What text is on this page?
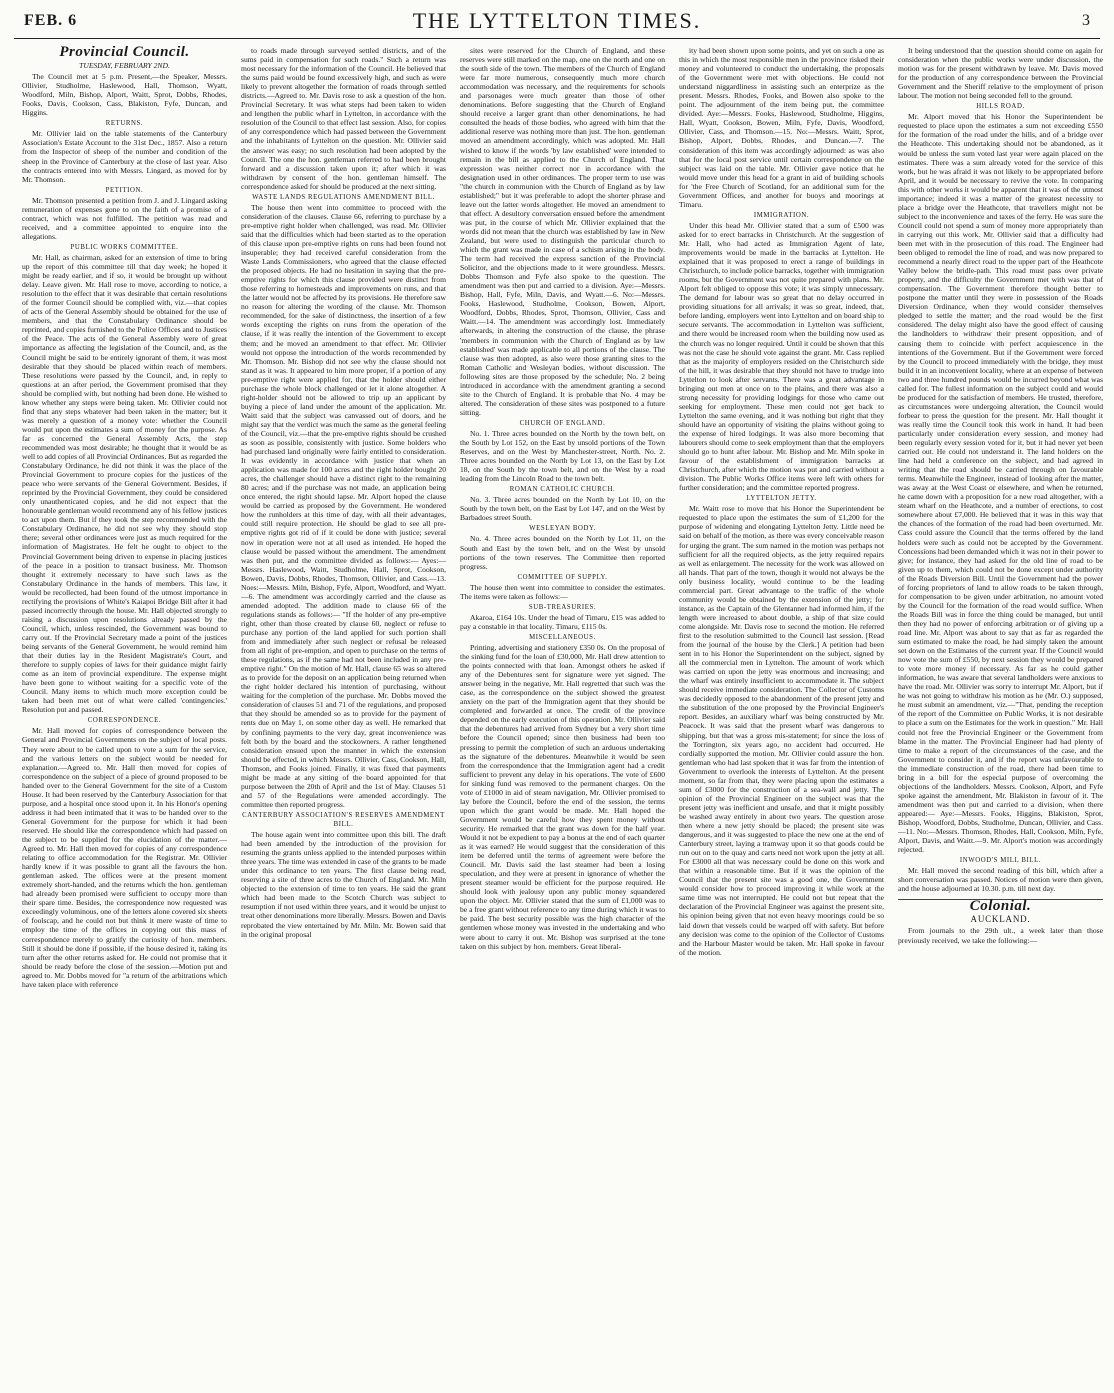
FEB. 6	THE LYTTELTON TIMES.	3
Provincial Council.
TUESDAY, FEBRUARY 2ND.

The Council met at 5 p.m. Present,—the Speaker, Messrs. Ollivier, Studholme, Haslewood, Hall, Thomson, Wyatt, Woodford, Miln, Bishop, Alport, Waitt, Sprot, Dobbs, Rhodes, Fooks, Davis, Cookson, Cass, Blakiston, Fyfe, Duncan, and Higgins.

RETURNS.

Mr. Ollivier laid on the table statements of the Canterbury Association's Estate Account to the 31st Dec., 1857. Also a return from the Inspector of sheep of the number and condition of the sheep in the Province of Canterbury at the close of last year. Also the contracts entered into with Messrs. Lingard, as moved for by Mr. Thomson.

PETITION.

Mr. Thomson presented a petition from J. and J. Lingard asking remuneration of expenses gone to on the faith of a promise of a contract, which was not fulfilled. The petition was read and received, and a committee appointed to enquire into the allegations.

PUBLIC WORKS COMMITTEE.

Mr. Hall, as chairman, asked for an extension of time to bring up the report of this committee till that day week; he hoped it might be ready earlier, and if so, it would be brought up without delay. Leave given. Mr. Hall rose to move, according to notice, a resolution to the effect that it was desirable that certain resolutions of the former Council should be complied with, viz.—that copies of acts of the General Assembly should be obtained for the use of members, and that the Constabulary Ordinance should be reprinted, and copies furnished to the Police Offices and to Justices of the Peace. The acts of the General Assembly were of great importance as affecting the legislation of the Council, and, as the Council might be said to be entirely ignorant of them, it was most desirable that they should be placed within reach of members. These resolutions were passed by the Council, and, in reply to questions at an after period, the Government promised that they should be complied with, but nothing had been done. He wished to know whether any steps were being taken. Mr. Ollivier could not find that any steps whatever had been taken in the matter; but it was merely a question of a money vote: whether the Council would put upon the estimates a sum of money for the purpose. As far as concerned the General Assembly Acts, the step recommended was most desirable; he thought that it would be as well to add copies of all Provincial Ordinances. But as regarded the Constabulary Ordinance, he did not think it was the place of the Provincial Government to procure copies for the justices of the peace who were servants of the General Government. Besides, if reprinted by the Provincial Government, they could be considered only unauthenticated copies, and he did not expect that the honourable gentleman would recommend any of his fellow justices to act upon them. But if they took the step recommended with the Constabulary Ordinance, he did not see why they should stop there; several other ordinances were just as much required for the information of Magistrates. He felt he ought to object to the Provincial Government being driven to expense in placing justices of the peace in a position to transact business. Mr. Thomson thought it extremely necessary to have such laws as the Constabulary Ordinance in the hands of members. This law, it would be recollected, had been found of the utmost importance in rectifying the provisions of White's Kaiapoi Bridge Bill after it had passed incorrectly through the house. Mr. Hall objected strongly to raising a discussion upon resolutions already passed by the Council, which, unless rescinded, the Government was bound to carry out. If the Provincial Secretary made a point of the justices being servants of the General Government, he would remind him that their duties lay in the Resident Magistrate's Court, and therefore to supply copies of laws for their guidance might fairly come as an item of provincial expenditure. The expense might have been gone to without waiting for a specific vote of the Council. Many items to which much more exception could be taken had been met out of what were called 'contingencies.' Resolution put and passed.

CORRESPONDENCE.

Mr. Hall moved for copies of correspondence between the General and Provincial Governments on the subject of local posts. They were about to be called upon to vote a sum for the service, and the various letters on the subject would be needed for explanation.—Agreed to. Mr. Hall then moved for copies of correspondence on the subject of a piece of ground proposed to be handed over to the General Government for the site of a Custom House. It had been reserved by the Canterbury Association for that purpose, and a hospital once stood upon it. In his Honor's opening address it had been intimated that it was to be handed over to the General Government for the purpose for which it had been reserved. He should like the correspondence which had passed on the subject to be supplied for the elucidation of the matter.—Agreed to. Mr. Hall then moved for copies of any correspondence relating to office accommodation for the Registrar. Mr. Ollivier hardly knew if it was possible to grant all the favours the hon. gentleman asked. The offices were at the present moment extremely short-handed, and the returns which the hon. gentleman had already been promised were sufficient to occupy more than their spare time. Besides, the correspondence now requested was exceedingly voluminous, one of the letters alone covered six sheets of foolscap, and he could not but think it mere waste of time to employ the time of the offices in copying out this mass of correspondence merely to gratify the curiosity of hon. members. Still it should be done if possible, if the house desired it, taking its turn after the other returns asked for. He could not promise that it should be ready before the close of the session.—Motion put and agreed to. Mr. Dobbs moved for "a return of the arbitrations which have taken place with reference

to roads made through surveyed settled districts, and of the sums paid in compensation for such roads." Such a return was most necessary for the information of the Council. He believed that the sums paid would be found excessively high, and such as were likely to prevent altogether the formation of roads through settled districts.—Agreed to. Mr. Davis rose to ask a question of the hon. Provincial Secretary. It was what steps had been taken to widen and lengthen the public wharf in Lyttelton, in accordance with the resolution of the Council to that effect last session. Also, for copies of any correspondence which had passed between the Government and the inhabitants of Lyttelton on the question. Mr. Ollivier said the answer was easy; no such resolution had been adopted by the Council. The one the hon. gentleman referred to had been brought forward and a discussion taken upon it; after which it was withdrawn by consent of the hon. gentleman himself. The correspondence asked for should be produced at the next sitting.

WASTE LANDS REGULATIONS AMENDMENT BILL.

The house then went into committee to proceed with the consideration of the clauses. Clause 66, referring to purchase by a pre-emptive right holder when challenged, was read. Mr. Ollivier said that the difficulties which had been started as to the operation of this clause upon pre-emptive rights on runs had been found not insuperable; they had received careful consideration from the Waste Lands Commissioners, who agreed that the clause effected the proposed objects. He had no hesitation in saying that the pre-emptive rights for which this clause provided were distinct from those referring to homesteads and improvements on runs, and that the latter would not be affected by its provisions. He therefore saw no reason for altering the wording of the clause. Mr. Thomson recommended, for the sake of distinctness, the insertion of a few words excepting the rights on runs from the operation of the clause, if it was really the intention of the Government to except them; and he moved an amendment to that effect. Mr. Ollivier would not oppose the introduction of the words recommended by Mr. Thomson. Mr. Bishop did not see why the clause should not stand as it was. It appeared to him more proper, if a portion of any pre-emptive right were applied for, that the holder should either purchase the whole block challenged or let it alone altogether. A right-holder should not be allowed to trip up an applicant by buying a piece of land under the amount of the application. Mr. Waitt said that the subject was canvassed out of doors, and he might say that the verdict was much the same as the general feeling of the Council, viz.—that the pre-emptive rights should be crushed as soon as possible, consistently with justice. Some holders who had purchased land originally were fairly entitled to consideration. It was evidently in accordance with justice that when an application was made for 100 acres and the right holder bought 20 acres, the challenger should have a distinct right to the remaining 80 acres; and if the purchase was not made, an application being once entered, the right should lapse. Mr. Alport hoped the clause would be carried as proposed by the Government. He wondered how the runholders at this time of day, with all their advantages, could still require protection. He should be glad to see all pre-emptive rights got rid of if it could be done with justice; several now in operation were not at all used as intended. He hoped the clause would be passed without the amendment. The amendment was then put, and the committee divided as follows:— Ayes:—Messrs. Haslewood, Waitt, Studholme, Hall, Sprot, Cookson, Bowen, Davis, Dobbs, Rhodes, Thomson, Ollivier, and Cass.—13. Noes:—Messrs. Miln, Bishop, Fyfe, Alport, Woodford, and Wyatt.—6. The amendment was accordingly carried and the clause as amended adopted. The addition made to clause 66 of the regulations stands as follows:— "If the holder of any pre-emptive right, other than those created by clause 60, neglect or refuse to purchase any portion of the land applied for such portion shall from and immediately after such neglect or refusal be released from all right of pre-emption, and open to purchase on the terms of these regulations, as if the same had not been included in any pre-emptive right." On the motion of Mr. Hall, clause 65 was so altered as to provide for the deposit on an application being returned when the right holder declared his intention of purchasing, without waiting for the completion of the purchase. Mr. Dobbs moved the consideration of clauses 51 and 71 of the regulations, and proposed that they should be amended so as to provide for the payment of rents due on May 1, on some other day as well. He remarked that by confining payments to the very day, great inconvenience was felt both by the board and the stockowners. A rather lengthened consideration ensued upon the manner in which the extension should be effected, in which Messrs. Ollivier, Cass, Cookson, Hall, Thomson, and Fooks joined. Finally, it was fixed that payments might be made at any sitting of the board appointed for that purpose between the 20th of April and the 1st of May. Clauses 51 and 57 of the Regulations were amended accordingly. The committee then reported progress.

CANTERBURY ASSOCIATION'S RESERVES AMENDMENT BILL.

The house again went into committee upon this bill. The draft had been amended by the introduction of the provision for resuming the grants unless applied to the intended purposes within three years. The time was extended in case of the grants to be made under this ordinance to ten years. The first clause being read, reserving a site of three acres to the Church of England. Mr. Miln objected to the extension of time to ten years. He said the grant which had been made to the Scotch Church was subject to resumption if not used within three years, and it would be unjust to treat other denominations more liberally. Messrs. Bowen and Davis reprobated the view entertained by Mr. Miln. Mr. Bowen said that in the original proposal

sites were reserved for the Church of England, and these reserves were still marked on the map, one on the north and one on the south side of the town. The members of the Church of England were far more numerous, consequently much more church accommodation was necessary, and the requirements for schools and parsonages were much greater than those of other denominations. Before suggesting that the Church of England should receive a larger grant than other denominations, he had consulted the heads of those bodies, who agreed with him that the additional reserve was nothing more than just. The hon. gentleman moved an amendment accordingly, which was adopted. Mr. Hall wished to know if the words 'by law established' were intended to remain in the bill as applied to the Church of England. That expression was neither correct nor in accordance with the designation used in other ordinances. The proper term to use was "the church in communion with the Church of England as by law established;" but it was preferable to adopt the shorter phrase and leave out the latter words altogether. He moved an amendment to that effect. A desultory conversation ensued before the amendment was put, in the course of which Mr. Ollivier explained that the words did not mean that the church was established by law in New Zealand, but were used to distinguish the particular church to which the grant was made in case of a schism arising in the body. The term had received the express sanction of the Provincial Solicitor, and the objections made to it were groundless. Messrs. Dobbs Thomson and Fyfe also spoke to the question. The amendment was then put and carried to a division. Aye:—Messrs. Bishop, Hall, Fyfe, Miln, Davis, and Wyatt.—6. No:—Messrs. Fooks, Haslewood, Studholme, Cookson, Bowen, Alport, Woodford, Dobbs, Rhodes, Sprot, Thomson, Ollivier, Cass and Waitt.—14. The amendment was accordingly lost. Immediately afterwards, in altering the construction of the clause, the phrase 'members in communion with the Church of England as by law established' was made applicable to all portions of the clause. The clause was then adopted, as also were those granting sites to the Roman Catholic and Wesleyan bodies, without discussion. The following sites are those proposed by the schedule; No. 2 being introduced in accordance with the amendment granting a second site to the Church of England. It is probable that No. 4 may be altered. The consideration of these sites was postponed to a future sitting.

CHURCH OF ENGLAND.

No. 1. Three acres bounded on the North by the town belt, on the South by Lot 152, on the East by unsold portions of the Town Reserves, and on the West by Manchester-street, North. No. 2. Three acres bounded on the North by Lot 13, on the East by Lot 18, on the South by the town belt, and on the West by a road leading from the Lincoln Road to the town belt.

ROMAN CATHOLIC CHURCH.

No. 3. Three acres bounded on the North by Lot 10, on the South by the town belt, on the East by Lot 147, and on the West by Barbadoes street South.

WESLEYAN BODY.

No. 4. Three acres bounded on the North by Lot 11, on the South and East by the town belt, and on the West by unsold portions of the town reserves. The Committee then reported progress.

COMMITTEE OF SUPPLY.

The house then went into committee to consider the estimates. The items were taken as follows:—

SUB-TREASURIES.

Akaroa, £164 10s. Under the head of Timaru, £15 was added to pay a constable in that locality. Timaru, £115 0s.

MISCELLANEOUS.

Printing, advertising and stationery £350 0s. On the proposal of the sinking fund for the loan of £30,000, Mr. Hall drew attention to the points connected with that loan. Amongst others he asked if any of the Debentures sent for signature were yet signed. The answer being in the negative, Mr. Hall regretted that such was the case, as the correspondence on the subject showed the greatest anxiety on the part of the Immigration agent that they should be completed and forwarded at once. The credit of the province depended on the early execution of this operation. Mr. Ollivier said that the debentures had arrived from Sydney but a very short time before the Council opened; since then business had been too pressing to permit the completion of such an arduous undertaking as the signature of the debentures. Meanwhile it would be seen from the correspondence that the Immigration agent had a credit sufficient to prevent any delay in his operations. The vote of £600 for sinking fund was removed to the permanent charges. On the vote of £1000 in aid of steam navigation, Mr. Ollivier promised to lay before the Council, before the end of the session, the terms upon which the grant would be made. Mr. Hall hoped the Government would be careful how they spent money without security. He remarked that the grant was down for the half year. Would it not be expedient to pay a bonus at the end of each quarter as it was earned? He would suggest that the consideration of this item be deferred until the terms of agreement were before the Council. Mr. Davis said the last steamer had been a losing speculation, and they were at present in ignorance of whether the present steamer would be efficient for the purpose required. He should look with jealousy upon any public money squandered upon the object. Mr. Ollivier stated that the sum of £1,000 was to be a free grant without reference to any time during which it was to be paid. The best security possible was the high character of the gentlemen whose money was invested in the undertaking and who were about to carry it out. Mr. Bishop was surprised at the tone taken on this subject by hon. members. Great liberal-

ity had been shown upon some points, and yet on such a one as this in which the most responsible men in the province risked their money and volunteered to conduct the undertaking, the proposals of the Government were met with objections. He could not understand niggardliness in assisting such an enterprize as the present. Messrs. Rhodes, Fooks, and Bowen also spoke to the point. The adjournment of the item being put, the committee divided. Aye:—Messrs. Fooks, Haslewood, Studholme, Higgins, Hall, Wyatt, Cookson, Bowen, Miln, Fyfe, Davis, Woodford, Ollivier, Cass, and Thomson.—15. No:—Messrs. Waitt, Sprot, Bishop, Alport, Dobbs, Rhodes, and Duncan.—7. The consideration of this item was accordingly adjourned: as was also that for the local post service until certain correspondence on the subject was laid on the table. Mr. Ollivier gave notice that he would move under this head for a grant in aid of building schools for 'the Free Church of Scotland, for an additional sum for the Government Offices, and another for buoys and moorings at Timaru.

IMMIGRATION.

Under this head Mr. Ollivier stated that a sum of £500 was asked for to erect barracks in Christchurch. At the suggestion of Mr. Hall, who had acted as Immigration Agent of late, improvements would be made in the barracks at Lyttelton. He explained that it was proposed to erect a range of buildings in Christchurch, to include police barracks, together with immigration rooms, but the Government was not quite prepared with plans. Mr. Alport felt obliged to oppose this vote; it was simply unnecessary. The demand for labour was so great that no delay occurred in providing situations for all arrivals; it was so great, indeed, that, before landing, employers went into Lyttelton and on board ship to secure servants. The accommodation in Lyttelton was sufficient, and there would be increased room when the building now used as the church was no longer required. Until it could be shown that this was not the case he should vote against the grant. Mr. Cass replied that as the majority of employers resided on the Christchurch side of the hill, it was desirable that they should not have to trudge into Lyttelton to look after servants. There was a great advantage in bringing out men at once on to the plains, and there was also a strong necessity for providing lodgings for those who came out seeking for employment. These men could not get back to Lyttelton the same evening, and it was nothing but right that they should have an opportunity of visiting the plains without going to the expense of hired lodgings. It was also more becoming that labourers should come to seek employment than that the employers should go to hunt after labour. Mr. Bishop and Mr. Miln spoke in favour of the establishment of immigration barracks at Christchurch, after which the motion was put and carried without a division. The Public Works Office items were left with others for further consideration; and the committee reported progress.

LYTTELTON JETTY.

Mr. Waitt rose to move that his Honor the Superintendent be requested to place upon the estimates the sum of £1,200 for the purpose of widening and elongating Lyttelton Jetty. Little need be said on behalf of the motion, as there was every conceivable reason for urging the grant. The sum named in the motion was perhaps not sufficient for all the required objects, as the jetty required repairs as well as enlargement. The necessity for the work was allowed on all hands. That part of the town, though it would not always be the only business locality, would continue to be the leading commercial part. Great advantage to the traffic of the whole community would be obtained by the extension of the jetty; for instance, as the Captain of the Glentanner had informed him, if the length were increased to about double, a ship of that size could come alongside. Mr. Davis rose to second the motion. He referred first to the resolution submitted to the Council last session. [Read from the journal of the house by the Clerk.] A petition had been sent in to his Honor the Superintendent on the subject, signed by all the commercial men in Lyttelton. The amount of work which was carried on upon the jetty was enormous and increasing; and the wharf was entirely insufficient to accommodate it. The subject should receive immediate consideration. The Collector of Customs was decidedly opposed to the abandonment of the present jetty and the substitution of the one proposed by the Provincial Engineer's report. Besides, an auxiliary wharf was being constructed by Mr. Peacock. It was said that the present wharf was dangerous to shipping, but that was a gross mis-statement; for since the loss of the Torrington, six years ago, no accident had occurred. He cordially supported the motion. Mr. Ollivier could assure the hon. gentleman who had last spoken that it was far from the intention of Government to overlook the interests of Lyttelton. At the present moment, so far from that, they were placing upon the estimates a sum of £3000 for the construction of a sea-wall and jetty. The opinion of the Provincial Engineer on the subject was that the present jetty was inefficient and unsafe, and that it might possibly be washed away entirely in about two years. The question arose then where a new jetty should be placed; the present site was dangerous, and it was suggested to place the new one at the end of Canterbury street, laying a tramway upon it so that goods could be run out on to the quay and carts need not work upon the jetty at all. For £3000 all that was necessary could be done on this work and that within a reasonable time. But if it was the opinion of the Council that the present site was a good one, the Government would consider how to proceed improving it while work at the same time was not interrupted. He could not but repeat that the declaration of the Provincial Engineer was against the present site, his opinion being given that not even heavy moorings could be so laid down that vessels could be warped off with safety. But before any decision was come to the opinion of the Collector of Customs and the Harbour Master would be taken. Mr. Hall spoke in favour of the motion.

It being understood that the question should come on again for consideration when the public works were under discussion, the motion was for the present withdrawn by leave. Mr. Davis moved for the production of any correspondence between the Provincial Government and the Sheriff relative to the employment of prison labour. The motion not being seconded fell to the ground.

HILLS ROAD.

Mr. Alport moved that his Honor the Superintendent be requested to place upon the estimates a sum not exceeding £550 for the formation of the road under the hills, and of a bridge over the Heathcote. This undertaking should not be abandoned, as it would be unless the sum voted last year were again placed on the estimates. There was a sum already voted for the service of this work, but he was afraid it was not likely to be appropriated before April, and it would be necessary to revive the vote. In comparing this with other works it would be apparent that it was of the utmost importance; indeed it was a matter of the greatest necessity to place a bridge over the Heathcote, that travellers might not be subject to the inconvenience and taxes of the ferry. He was sure the Council could not spend a sum of money more appropriately than in carrying out this work. Mr. Ollivier said that a difficulty had been met with in the prosecution of this road. The Engineer had been obliged to remodel the line of road, and was now prepared to recommend a nearly direct road to the upper part of the Heathcote Valley below the bridle-path. This road must pass over private property, and the difficulty the Government met with was that of compensation. The Government therefore thought better to postpone the matter until they were in possession of the Roads Diversion Ordinance, when they would consider themselves pledged to settle the matter; and the road would be the first considered. The delay might also have the good effect of causing the landholders to withdraw their present opposition, and of causing them to coincide with perfect acquiescence in the intentions of the Government. But if the Government were forced by the Council to proceed immediately with the bridge, they must build it in an inconvenient locality, where at an expense of between two and three hundred pounds would be incurred beyond what was called for. The fullest information on the subject could and would be produced for the satisfaction of members. He trusted, therefore, as circumstances were undergoing alteration, the Council would forbear to press the question for the present. Mr. Hall thought it was really time the Council took this work in hand. It had been particularly under consideration every session, and money had been regularly every session voted for it, but it had never yet been carried out. He could not understand it. The land holders on the line had held a conference on the subject, and had agreed in writing that the road should be carried through on favourable terms. Meanwhile the Engineer, instead of looking after the matter, was away at the West Coast or elsewhere, and when he returned, he came down with a proposition for a new road altogether, with a steam wharf on the Heathcote, and a number of erections, to cost somewhere about £7,000. He believed that it was in this way that the chances of the formation of the road had been overturned. Mr. Cass could assure the Council that the terms offered by the land holders were such as could not be accepted by the Government. Concessions had been demanded which it was not in their power to give; for instance, they had asked for the old line of road to be given up to them, which could not be done except under authority of the Roads Diversion Bill. Until the Government had the power of forcing proprietors of land to allow roads to be taken through, for compensation to be given under arbitration, no amount voted by the Council for the formation of the road would suffice. When the Roads Bill was in force the thing could be managed, but until then they had no power of enforcing arbitration or of giving up a road line. Mr. Alport was about to say that as far as regarded the sum estimated to make the road, he had simply taken the amount set down on the Estimates of the current year. If the Council would now vote the sum of £550, by next session they would be prepared to vote more money if necessary. As far as he could gather information, he was aware that several landholders were anxious to have the road. Mr. Ollivier was sorry to interrupt Mr. Alport, but if he was not going to withdraw his motion as he (Mr. O.) supposed, he must submit an amendment, viz.—"That, pending the reception of the report of the Committee on Public Works, it is not desirable to place a sum on the Estimates for the work in question." Mr. Hall could not free the Provincial Engineer or the Government from blame in the matter. The Provincial Engineer had had plenty of time to make a report of the circumstances of the case, and the Government to consider it, and if the report was unfavourable to the immediate construction of the road, there had been time to bring in a bill for the especial purpose of overcoming the objections of the landholders. Messrs. Cookson, Alport, and Fyfe spoke against the amendment, Mr. Blakiston in favour of it. The amendment was then put and carried to a division, when there appeared:— Aye:—Messrs. Fooks, Higgins, Blakiston, Sprot, Bishop, Woodford, Dobbs, Studholme, Duncan, Ollivier, and Cass.—11. No:—Messrs. Thomson, Rhodes, Hall, Cookson, Miln, Fyfe, Alport, Davis, and Waitt.—9. Mr. Alport's motion was accordingly rejected.

INWOOD'S MILL BILL.

Mr. Hall moved the second reading of this bill, which after a short conversation was passed. Notices of motion were then given, and the house adjourned at 10.30. p.m. till next day.

Colonial.
AUCKLAND.

From journals to the 29th ult., a week later than those previously received, we take the following:—
